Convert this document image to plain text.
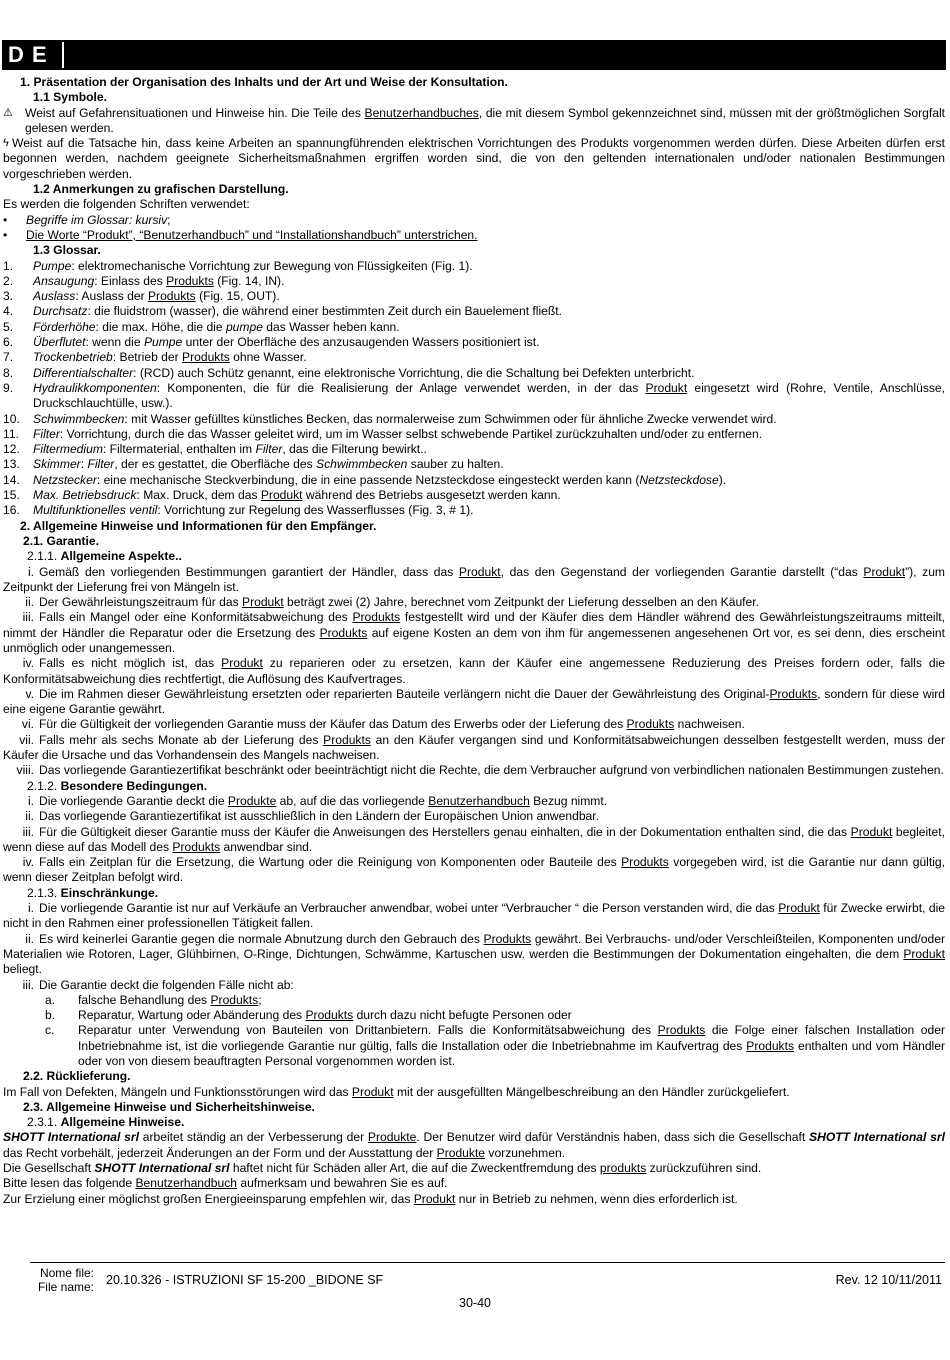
D E
1. Präsentation der Organisation des Inhalts und der Art und Weise der Konsultation.
1.1 Symbole.
⚠	Weist auf Gefahrensituationen und Hinweise hin. Die Teile des Benutzerhandbuches, die mit diesem Symbol gekennzeichnet sind, müssen mit der größtmöglichen Sorgfalt gelesen werden.
ϟ Weist auf die Tatsache hin, dass keine Arbeiten an spannungführenden elektrischen Vorrichtungen des Produkts vorgenommen werden dürfen. Diese Arbeiten dürfen erst begonnen werden, nachdem geeignete Sicherheitsmaßnahmen ergriffen worden sind, die von den geltenden internationalen und/oder nationalen Bestimmungen vorgeschrieben werden.
1.2 Anmerkungen zu grafischen Darstellung.
Es werden die folgenden Schriften verwendet:
•	Begriffe im Glossar: kursiv;
•	Die Worte “Produkt”, “Benutzerhandbuch” und “Installationshandbuch” unterstrichen.
1.3 Glossar.
1.	Pumpe: elektromechanische Vorrichtung zur Bewegung von Flüssigkeiten (Fig. 1).
2.	Ansaugung: Einlass des Produkts (Fig. 14, IN).
3.	Auslass: Auslass der Produkts (Fig. 15, OUT).
4.	Durchsatz: die fluidstrom (wasser), die während einer bestimmten Zeit durch ein Bauelement fließt.
5.	Förderhöhe: die max. Höhe, die die pumpe das Wasser heben kann.
6.	Überflutet: wenn die Pumpe unter der Oberfläche des anzusaugenden Wassers positioniert ist.
7.	Trockenbetrieb: Betrieb der Produkts ohne Wasser.
8.	Differentialschalter: (RCD) auch Schütz genannt, eine elektronische Vorrichtung, die die Schaltung bei Defekten unterbricht.
9.	Hydraulikkomponenten: Komponenten, die für die Realisierung der Anlage verwendet werden, in der das Produkt eingesetzt wird (Rohre, Ventile, Anschlüsse, Druckschlauchtülle, usw.).
10.	Schwimmbecken: mit Wasser gefülltes künstliches Becken, das normalerweise zum Schwimmen oder für ähnliche Zwecke verwendet wird.
11.	Filter: Vorrichtung, durch die das Wasser geleitet wird, um im Wasser selbst schwebende Partikel zurückzuhalten und/oder zu entfernen.
12.	Filtermedium: Filtermaterial, enthalten im Filter, das die Filterung bewirkt..
13.	Skimmer: Filter, der es gestattet, die Oberfläche des Schwimmbecken sauber zu halten.
14.	Netzstecker: eine mechanische Steckverbindung, die in eine passende Netzsteckdose eingesteckt werden kann (Netzsteckdose).
15.	Max. Betriebsdruck: Max. Druck, dem das Produkt während des Betriebs ausgesetzt werden kann.
16.	Multifunktionelles ventil: Vorrichtung zur Regelung des Wasserflusses (Fig. 3, # 1).
2. Allgemeine Hinweise und Informationen für den Empfänger.
2.1. Garantie.
2.1.1. Allgemeine Aspekte..
i. Gemäß den vorliegenden Bestimmungen garantiert der Händler, dass das Produkt, das den Gegenstand der vorliegenden Garantie darstellt (“das Produkt”), zum Zeitpunkt der Lieferung frei von Mängeln ist.
ii. Der Gewährleistungszeitraum für das Produkt beträgt zwei (2) Jahre, berechnet vom Zeitpunkt der Lieferung desselben an den Käufer.
iii. Falls ein Mangel oder eine Konformitätsabweichung des Produkts festgestellt wird und der Käufer dies dem Händler während des Gewährleistungszeitraums mitteilt, nimmt der Händler die Reparatur oder die Ersetzung des Produkts auf eigene Kosten an dem von ihm für angemessenen angesehenen Ort vor, es sei denn, dies erscheint unmöglich oder unangemessen.
iv. Falls es nicht möglich ist, das Produkt zu reparieren oder zu ersetzen, kann der Käufer eine angemessene Reduzierung des Preises fordern oder, falls die Konformitätsabweichung dies rechtfertigt, die Auflösung des Kaufvertrages.
v. Die im Rahmen dieser Gewährleistung ersetzten oder reparierten Bauteile verlängern nicht die Dauer der Gewährleistung des Original-Produkts, sondern für diese wird eine eigene Garantie gewährt.
vi. Für die Gültigkeit der vorliegenden Garantie muss der Käufer das Datum des Erwerbs oder der Lieferung des Produkts nachweisen.
vii. Falls mehr als sechs Monate ab der Lieferung des Produkts an den Käufer vergangen sind und Konformitätsabweichungen desselben festgestellt werden, muss der Käufer die Ursache und das Vorhandensein des Mangels nachweisen.
viii. Das vorliegende Garantiezertifikat beschränkt oder beeinträchtigt nicht die Rechte, die dem Verbraucher aufgrund von verbindlichen nationalen Bestimmungen zustehen.
2.1.2. Besondere Bedingungen.
i. Die vorliegende Garantie deckt die Produkte ab, auf die das vorliegende Benutzerhandbuch Bezug nimmt.
ii. Das vorliegende Garantiezertifikat ist ausschließlich in den Ländern der Europäischen Union anwendbar.
iii. Für die Gültigkeit dieser Garantie muss der Käufer die Anweisungen des Herstellers genau einhalten, die in der Dokumentation enthalten sind, die das Produkt begleitet, wenn diese auf das Modell des Produkts anwendbar sind.
iv. Falls ein Zeitplan für die Ersetzung, die Wartung oder die Reinigung von Komponenten oder Bauteile des Produkts vorgegeben wird, ist die Garantie nur dann gültig, wenn dieser Zeitplan befolgt wird.
2.1.3. Einschränkunge.
i. Die vorliegende Garantie ist nur auf Verkäufe an Verbraucher anwendbar, wobei unter “Verbraucher “ die Person verstanden wird, die das Produkt für Zwecke erwirbt, die nicht in den Rahmen einer professionellen Tätigkeit fallen.
ii. Es wird keinerlei Garantie gegen die normale Abnutzung durch den Gebrauch des Produkts gewährt. Bei Verbrauchs- und/oder Verschleißteilen, Komponenten und/oder Materialien wie Rotoren, Lager, Glühbirnen, O-Ringe, Dichtungen, Schwämme, Kartuschen usw. werden die Bestimmungen der Dokumentation eingehalten, die dem Produkt beliegt.
iii. Die Garantie deckt die folgenden Fälle nicht ab:
a.	falsche Behandlung des Produkts;
b.	Reparatur, Wartung oder Abänderung des Produkts durch dazu nicht befugte Personen oder
c.	Reparatur unter Verwendung von Bauteilen von Drittanbietern. Falls die Konformitätsabweichung des Produkts die Folge einer falschen Installation oder Inbetriebnahme ist, ist die vorliegende Garantie nur gültig, falls die Installation oder die Inbetriebnahme im Kaufvertrag des Produkts enthalten und vom Händler oder von von diesem beauftragten Personal vorgenommen worden ist.
2.2. Rücklieferung.
Im Fall von Defekten, Mängeln und Funktionsstörungen wird das Produkt mit der ausgefüllten Mängelbeschreibung an den Händler zurückgeliefert.
2.3. Allgemeine Hinweise und Sicherheitshinweise.
2.3.1. Allgemeine Hinweise.
SHOTT International srl arbeitet ständig an der Verbesserung der Produkte. Der Benutzer wird dafür Verständnis haben, dass sich die Gesellschaft SHOTT International srl das Recht vorbehält, jederzeit Änderungen an der Form und der Ausstattung der Produkte vorzunehmen.
Die Gesellschaft SHOTT International srl haftet nicht für Schäden aller Art, die auf die Zweckentfremdung des produkts zurückzuführen sind.
Bitte lesen das folgende Benutzerhandbuch aufmerksam und bewahren Sie es auf.
Zur Erzielung einer möglichst großen Energieeinsparung empfehlen wir, das Produkt nur in Betrieb zu nehmen, wenn dies erforderlich ist.
Nome file:
File name: 20.10.326 - ISTRUZIONI SF 15-200 _BIDONE SF	Rev. 12 10/11/2011
30-40
